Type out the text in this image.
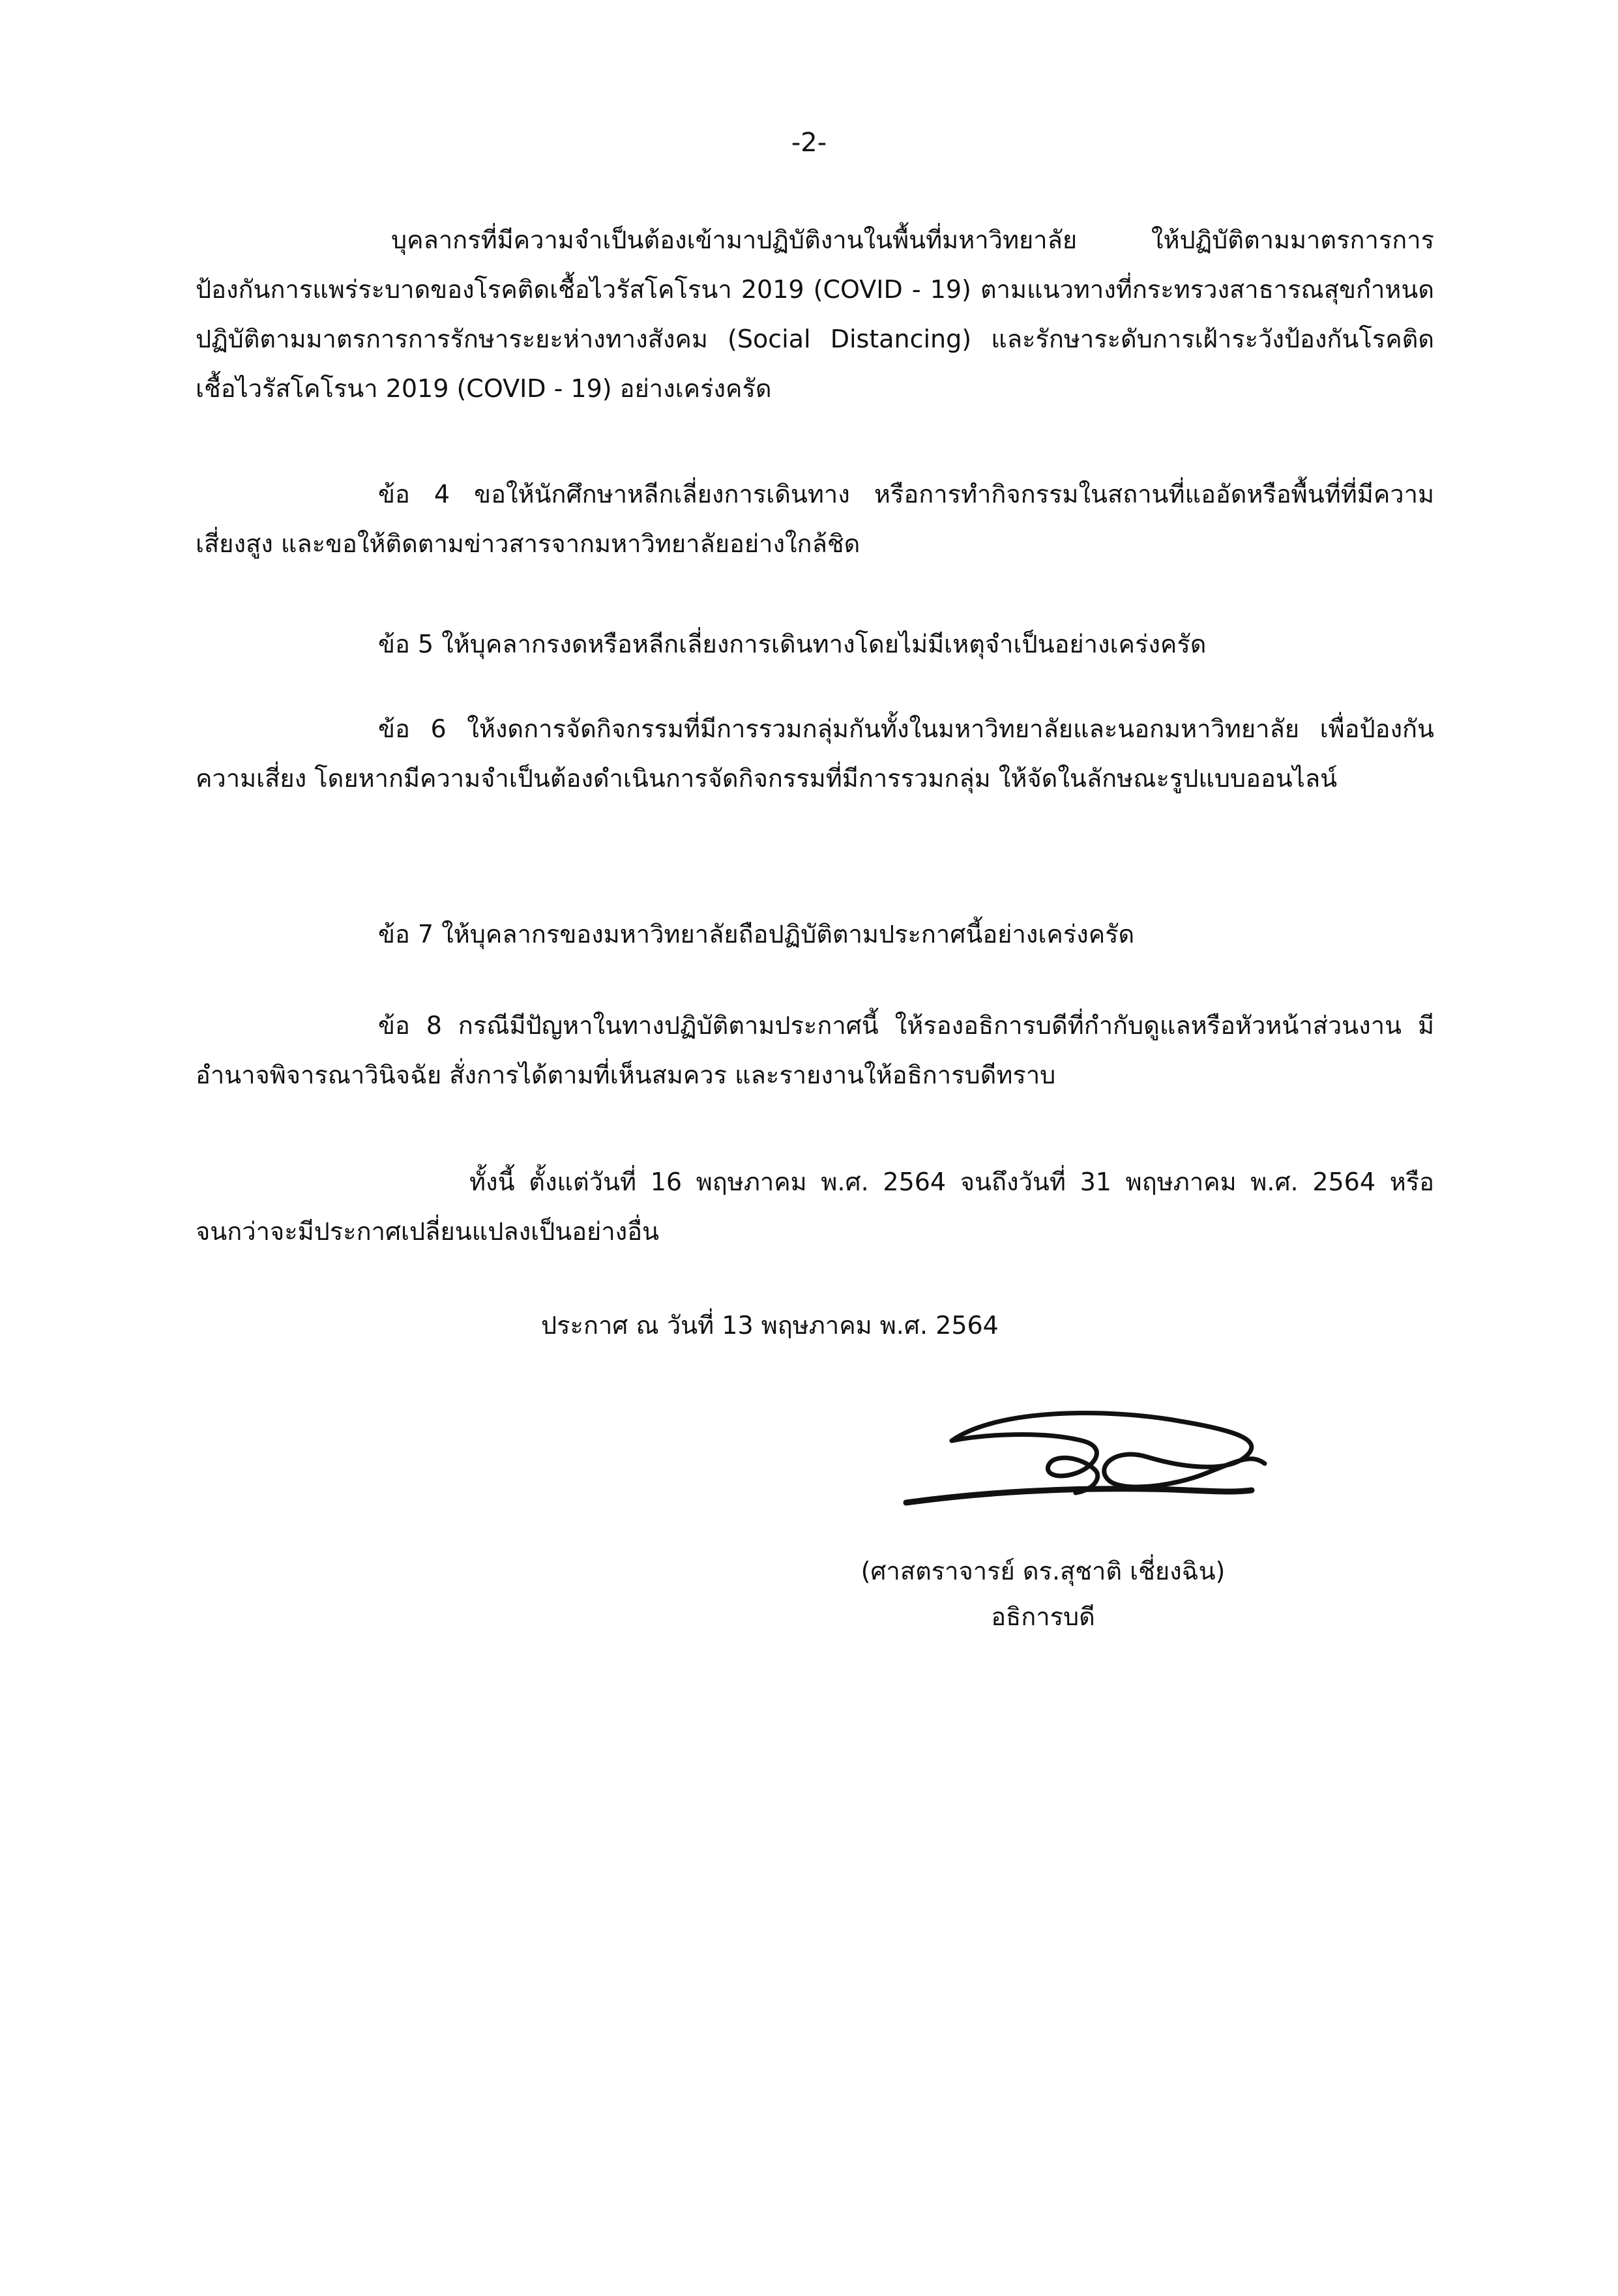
-2-

บุคลากรที่มีความจำเป็นต้องเข้ามาปฏิบัติงานในพื้นที่มหาวิทยาลัย ให้ปฏิบัติตามมาตรการการป้องกันการแพร่ระบาดของโรคติดเชื้อไวรัสโคโรนา 2019 (COVID - 19) ตามแนวทางที่กระทรวงสาธารณสุขกำหนด ปฏิบัติตามมาตรการการรักษาระยะห่างทางสังคม (Social Distancing) และรักษาระดับการเฝ้าระวังป้องกันโรคติดเชื้อไวรัสโคโรนา 2019 (COVID - 19) อย่างเคร่งครัด

ข้อ 4 ขอให้นักศึกษาหลีกเลี่ยงการเดินทาง หรือการทำกิจกรรมในสถานที่แออัดหรือพื้นที่ที่มีความเสี่ยงสูง และขอให้ติดตามข่าวสารจากมหาวิทยาลัยอย่างใกล้ชิด

ข้อ 5 ให้บุคลากรงดหรือหลีกเลี่ยงการเดินทางโดยไม่มีเหตุจำเป็นอย่างเคร่งครัด

ข้อ 6 ให้งดการจัดกิจกรรมที่มีการรวมกลุ่มกันทั้งในมหาวิทยาลัยและนอกมหาวิทยาลัย เพื่อป้องกันความเสี่ยง โดยหากมีความจำเป็นต้องดำเนินการจัดกิจกรรมที่มีการรวมกลุ่ม ให้จัดในลักษณะรูปแบบออนไลน์

ข้อ 7 ให้บุคลากรของมหาวิทยาลัยถือปฏิบัติตามประกาศนี้อย่างเคร่งครัด

ข้อ 8 กรณีมีปัญหาในทางปฏิบัติตามประกาศนี้ ให้รองอธิการบดีที่กำกับดูแลหรือหัวหน้าส่วนงาน มีอำนาจพิจารณาวินิจฉัย สั่งการได้ตามที่เห็นสมควร และรายงานให้อธิการบดีทราบ

ทั้งนี้ ตั้งแต่วันที่ 16 พฤษภาคม พ.ศ. 2564 จนถึงวันที่ 31 พฤษภาคม พ.ศ. 2564 หรือจนกว่าจะมีประกาศเปลี่ยนแปลงเป็นอย่างอื่น

ประกาศ ณ วันที่ 13 พฤษภาคม พ.ศ. 2564
(ศาสตราจารย์ ดร.สุชาติ เชี่ยงฉิน)
อธิการบดี
